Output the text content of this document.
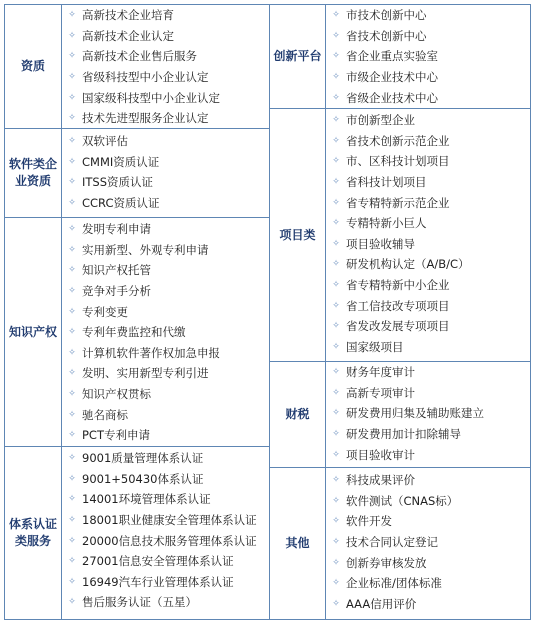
资质
✧ 高新技术企业培育
✧ 高新技术企业认定
✧ 高新技术企业售后服务
✧ 省级科技型中小企业认定
✧ 国家级科技型中小企业认定
✧ 技术先进型服务企业认定
软件类企业资质
✧ 双软评估
✧ CMMI资质认证
✧ ITSS资质认证
✧ CCRC资质认证
知识产权
✧ 发明专利申请
✧ 实用新型、外观专利申请
✧ 知识产权托管
✧ 竞争对手分析
✧ 专利变更
✧ 专利年费监控和代缴
✧ 计算机软件著作权加急申报
✧ 发明、实用新型专利引进
✧ 知识产权贯标
✧ 驰名商标
✧ PCT专利申请
体系认证类服务
✧ 9001质量管理体系认证
✧ 9001+50430体系认证
✧ 14001环境管理体系认证
✧ 18001职业健康安全管理体系认证
✧ 20000信息技术服务管理体系认证
✧ 27001信息安全管理体系认证
✧ 16949汽车行业管理体系认证
✧ 售后服务认证（五星）
创新平台
✧ 市技术创新中心
✧ 省技术创新中心
✧ 省企业重点实验室
✧ 市级企业技术中心
✧ 省级企业技术中心
项目类
✧ 市创新型企业
✧ 省技术创新示范企业
✧ 市、区科技计划项目
✧ 省科技计划项目
✧ 省专精特新示范企业
✧ 专精特新小巨人
✧ 项目验收辅导
✧ 研发机构认定（A/B/C）
✧ 省专精特新中小企业
✧ 省工信技改专项项目
✧ 省发改发展专项项目
✧ 国家级项目
财税
✧ 财务年度审计
✧ 高新专项审计
✧ 研发费用归集及辅助账建立
✧ 研发费用加计扣除辅导
✧ 项目验收审计
其他
✧ 科技成果评价
✧ 软件测试（CNAS标）
✧ 软件开发
✧ 技术合同认定登记
✧ 创新券审核发放
✧ 企业标准/团体标准
✧ AAA信用评价
